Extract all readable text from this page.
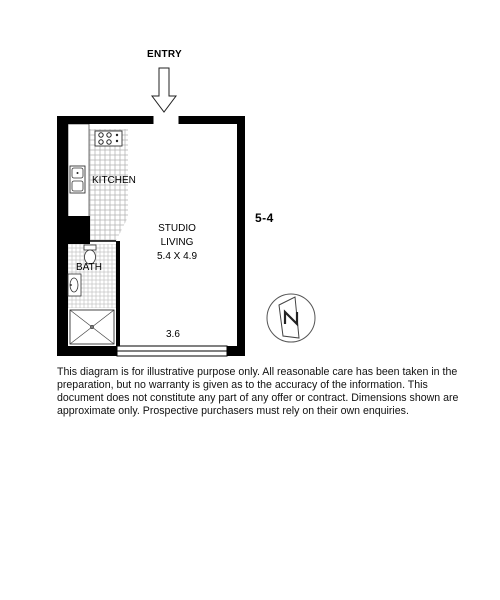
ENTRY
KITCHEN
BATH
STUDIO
LIVING
5.4 X 4.9
3.6
5-4

This diagram is for illustrative purpose only. All reasonable care has been taken in the preparation, but no warranty is given as to the accuracy of the information. This document does not constitute any part of any offer or contract. Dimensions shown are approximate only. Prospective purchasers must rely on their own enquiries.
